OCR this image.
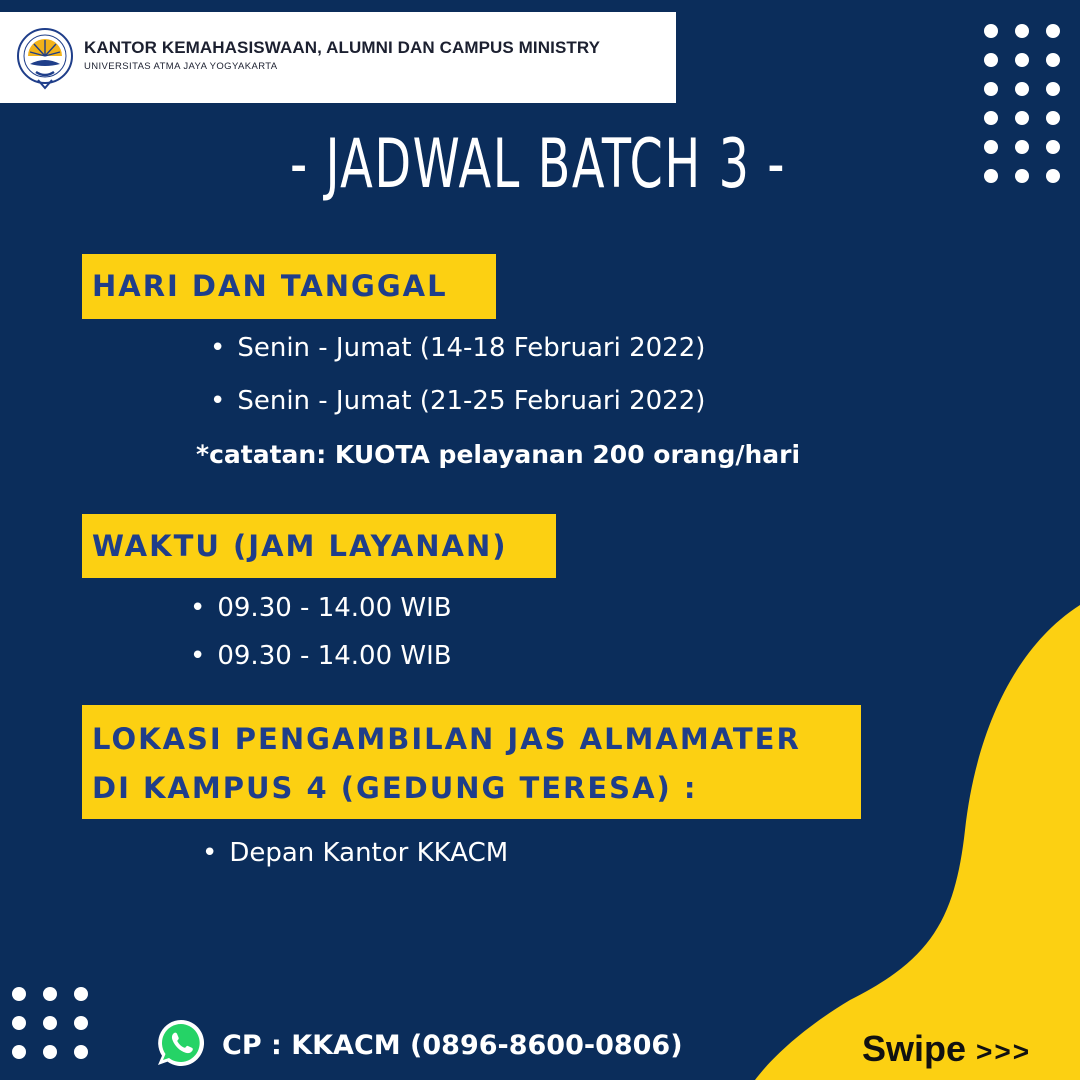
KANTOR KEMAHASISWAAN, ALUMNI DAN CAMPUS MINISTRY
UNIVERSITAS ATMA JAYA YOGYAKARTA
- JADWAL BATCH 3 -
HARI DAN TANGGAL
• Senin - Jumat (14-18 Februari 2022)
• Senin - Jumat (21-25 Februari 2022)
*catatan: KUOTA pelayanan 200 orang/hari
WAKTU (JAM LAYANAN)
• 09.30 - 14.00 WIB
• 09.30 - 14.00 WIB
LOKASI PENGAMBILAN JAS ALMAMATER
DI KAMPUS 4 (GEDUNG TERESA) :
• Depan Kantor KKACM
CP : KKACM (0896-8600-0806)	Swipe >>>
